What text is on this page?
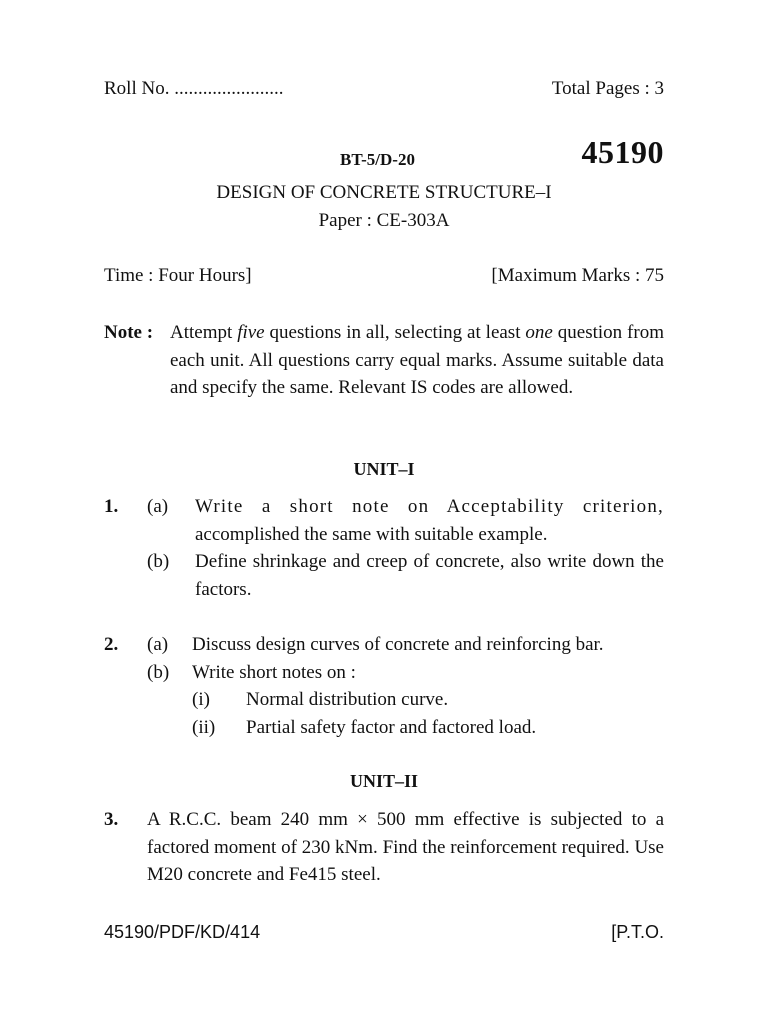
Roll No. .......................	Total Pages : 3
BT-5/D-20	45190
DESIGN OF CONCRETE STRUCTURE–I
Paper : CE-303A
Time : Four Hours]	[Maximum Marks : 75
Note : Attempt five questions in all, selecting at least one question from each unit. All questions carry equal marks. Assume suitable data and specify the same. Relevant IS codes are allowed.
UNIT–I
1. (a) Write a short note on Acceptability criterion,
accomplished the same with suitable example.
(b) Define shrinkage and creep of concrete, also write down the factors.
2. (a) Discuss design curves of concrete and reinforcing bar.
(b) Write short notes on :
(i) Normal distribution curve.
(ii) Partial safety factor and factored load.
UNIT–II
3. A R.C.C. beam 240 mm × 500 mm effective is subjected to a factored moment of 230 kNm. Find the reinforcement required. Use M20 concrete and Fe415 steel.
45190/PDF/KD/414	[P.T.O.
